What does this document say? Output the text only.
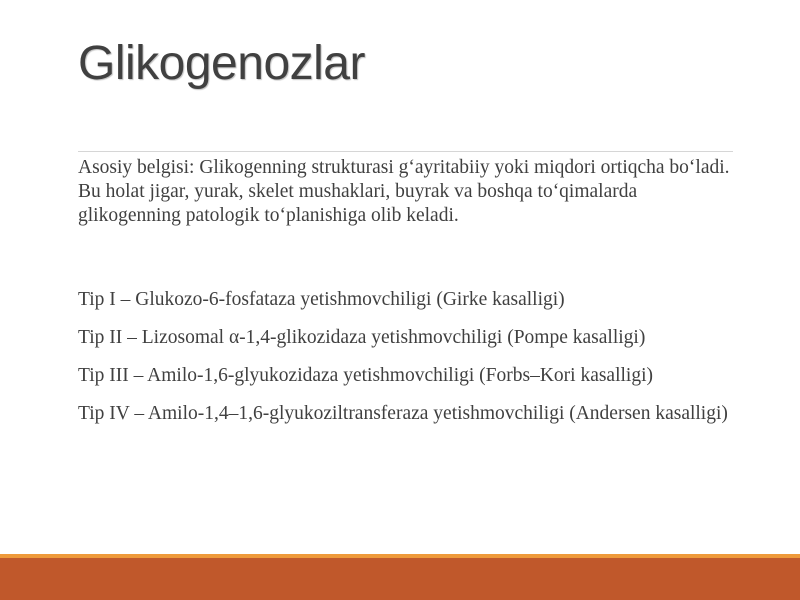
Glikogenozlar

Asosiy belgisi: Glikogenning strukturasi g‘ayritabiiy yoki miqdori ortiqcha bo‘ladi. Bu holat jigar, yurak, skelet mushaklari, buyrak va boshqa to‘qimalarda glikogenning patologik to‘planishiga olib keladi.

Tip I – Glukozo-6-fosfataza yetishmovchiligi (Girke kasalligi)

Tip II – Lizosomal α-1,4-glikozidaza yetishmovchiligi (Pompe kasalligi)

Tip III – Amilo-1,6-glyukozidaza yetishmovchiligi (Forbs–Kori kasalligi)

Tip IV – Amilo-1,4–1,6-glyukoziltransferaza yetishmovchiligi (Andersen kasalligi)
